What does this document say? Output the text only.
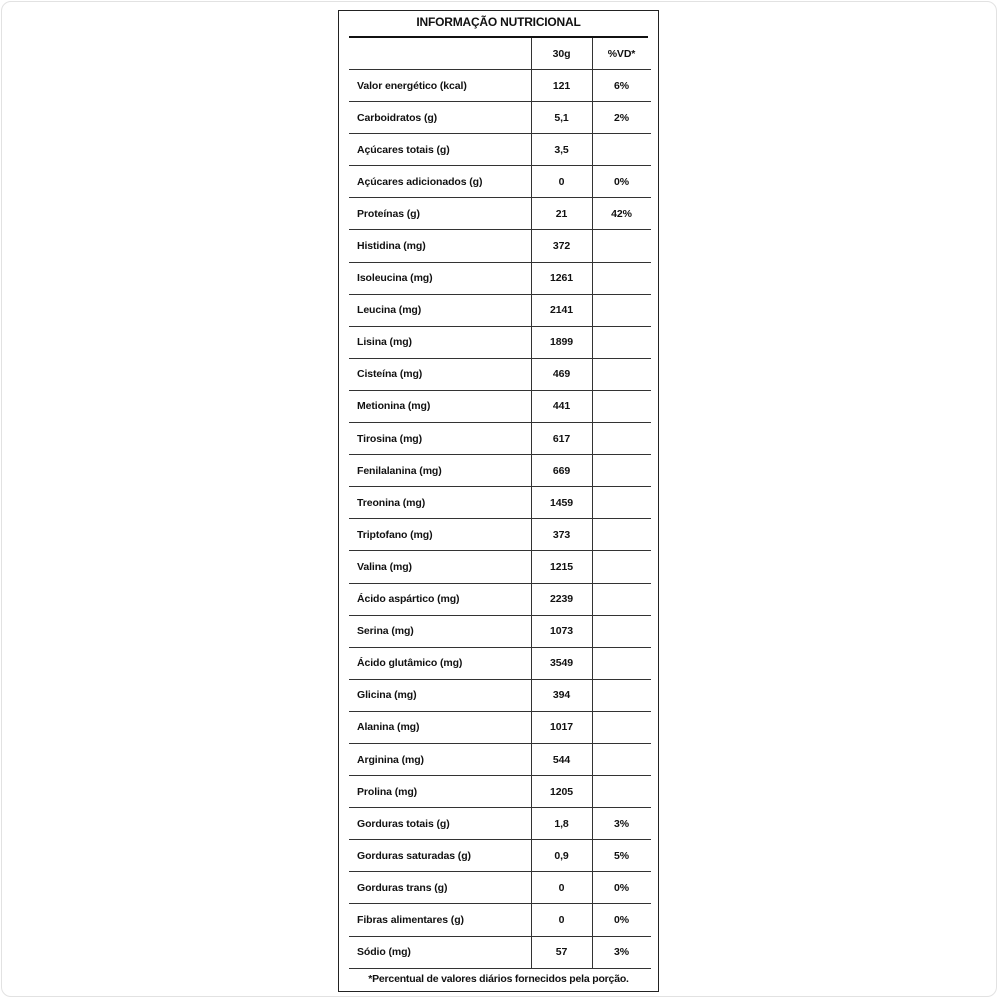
INFORMAÇÃO NUTRICIONAL
	30g	%VD*
Valor energético (kcal)	121	6%
Carboidratos (g)	5,1	2%
Açúcares totais (g)	3,5	
Açúcares adicionados (g)	0	0%
Proteínas (g)	21	42%
Histidina (mg)	372	
Isoleucina (mg)	1261	
Leucina (mg)	2141	
Lisina (mg)	1899	
Cisteína (mg)	469	
Metionina (mg)	441	
Tirosina (mg)	617	
Fenilalanina (mg)	669	
Treonina (mg)	1459	
Triptofano (mg)	373	
Valina (mg)	1215	
Ácido aspártico (mg)	2239	
Serina (mg)	1073	
Ácido glutâmico (mg)	3549	
Glicina (mg)	394	
Alanina (mg)	1017	
Arginina (mg)	544	
Prolina (mg)	1205	
Gorduras totais (g)	1,8	3%
Gorduras saturadas (g)	0,9	5%
Gorduras trans (g)	0	0%
Fibras alimentares (g)	0	0%
Sódio (mg)	57	3%
*Percentual de valores diários fornecidos pela porção.
